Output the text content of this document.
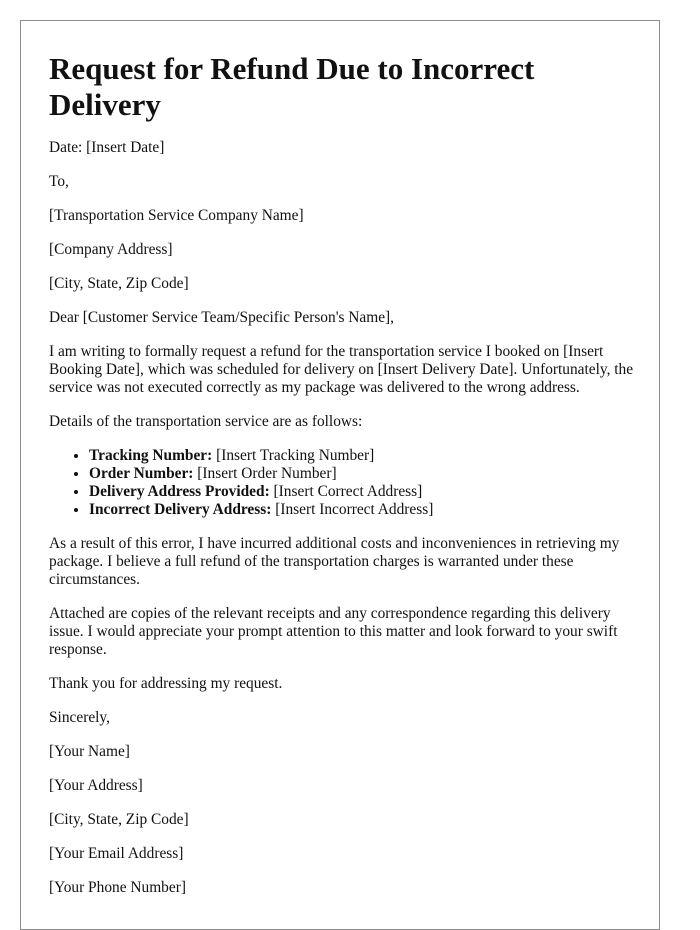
Request for Refund Due to Incorrect Delivery

Date: [Insert Date]

To,

[Transportation Service Company Name]

[Company Address]

[City, State, Zip Code]

Dear [Customer Service Team/Specific Person's Name],

I am writing to formally request a refund for the transportation service I booked on [Insert Booking Date], which was scheduled for delivery on [Insert Delivery Date]. Unfortunately, the service was not executed correctly as my package was delivered to the wrong address.

Details of the transportation service are as follows:

• Tracking Number: [Insert Tracking Number]
• Order Number: [Insert Order Number]
• Delivery Address Provided: [Insert Correct Address]
• Incorrect Delivery Address: [Insert Incorrect Address]

As a result of this error, I have incurred additional costs and inconveniences in retrieving my package. I believe a full refund of the transportation charges is warranted under these circumstances.

Attached are copies of the relevant receipts and any correspondence regarding this delivery issue. I would appreciate your prompt attention to this matter and look forward to your swift response.

Thank you for addressing my request.

Sincerely,

[Your Name]

[Your Address]

[City, State, Zip Code]

[Your Email Address]

[Your Phone Number]
